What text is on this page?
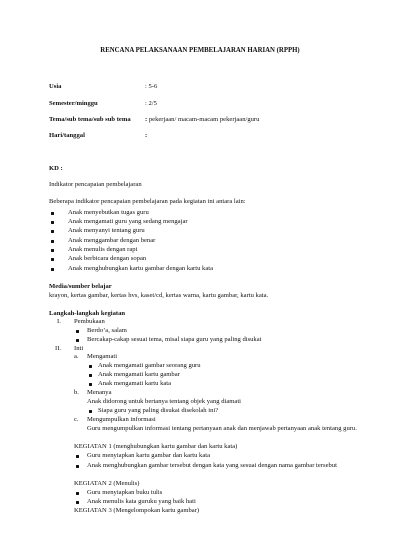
RENCANA PELAKSANAAN PEMBELAJARAN HARIAN (RPPH)
Usia	: 5-6
Semester/minggu	: 2/5
Tema/sub tema/sub sub tema : pekerjaan/ macam-macam pekerjaan/guru
Hari/tanggal	:
KD :
Indikator pencapaian pembelajaran
Beberapa indikator pencapaian pembelajaran pada kegiatan ini antara lain:
Anak menyebutkan tugas guru
Anak mengamati guru yang sedang mengajar
Anak menyanyi tentang guru
Anak menggambar dengan benar
Anak menulis dengan rapi
Anak berbicara dengan sopan
Anak menghubungkan kartu gambar dengan kartu kata
Media/sumber belajar
krayon, kertas gambar, kertas hvs, kaset/cd, kertas warna, kartu gambar, kartu kata.
Langkah-langkah kegiatan
I. Pembukaan
Berdo’a, salam
Bercakap-cakap sesuai tema, misal siapa guru yang paling disukai
II. Inti
a. Mengamati
Anak mengamati gambar seorang guru
Anak mengamati kartu gambar
Anak mengamati kartu kata
b. Menanya
Anak didorong untuk bertanya tentang objek yang diamati
Siapa guru yang paling disukai disekolah ini?
c. Mengumpulkan informasi
Guru mengumpulkan informasi tentang pertanyaan anak dan menjawab pertanyaan anak tentang guru.
KEGIATAN 1 (menghubungkan kartu gambar dan kartu kata)
Guru menyiapkan kartu gambar dan kartu kata
Anak menghubungkan gambar tersebut dengan kata yang sesuai dengan nama gambar tersebut
KEGIATAN 2 (Menulis)
Guru menyiapkan buku tulis
Anak menulis kata guruku yang baik hati
KEGIATAN 3 (Mengelompokan kartu gambar)
